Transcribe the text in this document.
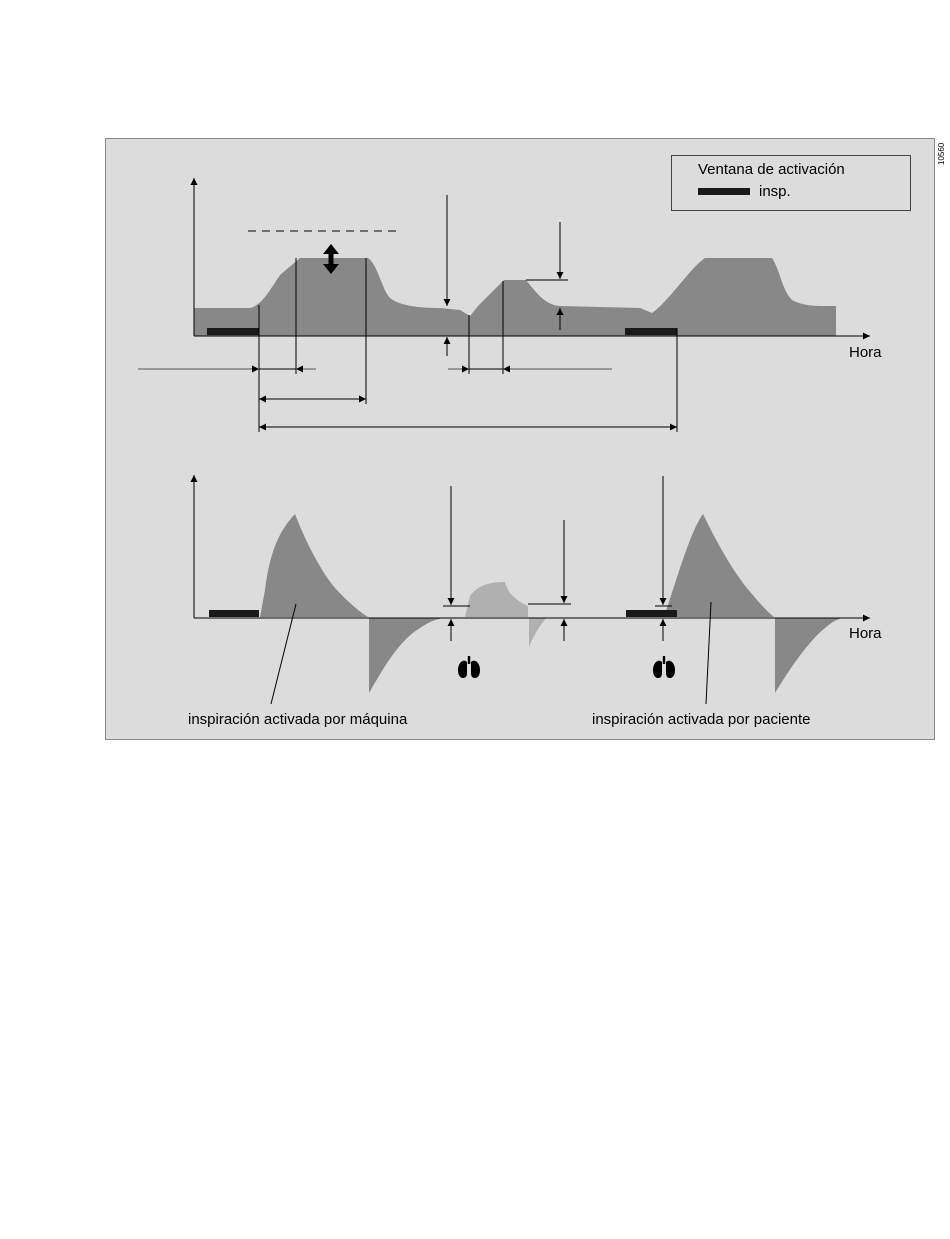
10560
Ventana de activación
insp.
Hora
Hora
inspiración activada por máquina	inspiración activada por paciente
